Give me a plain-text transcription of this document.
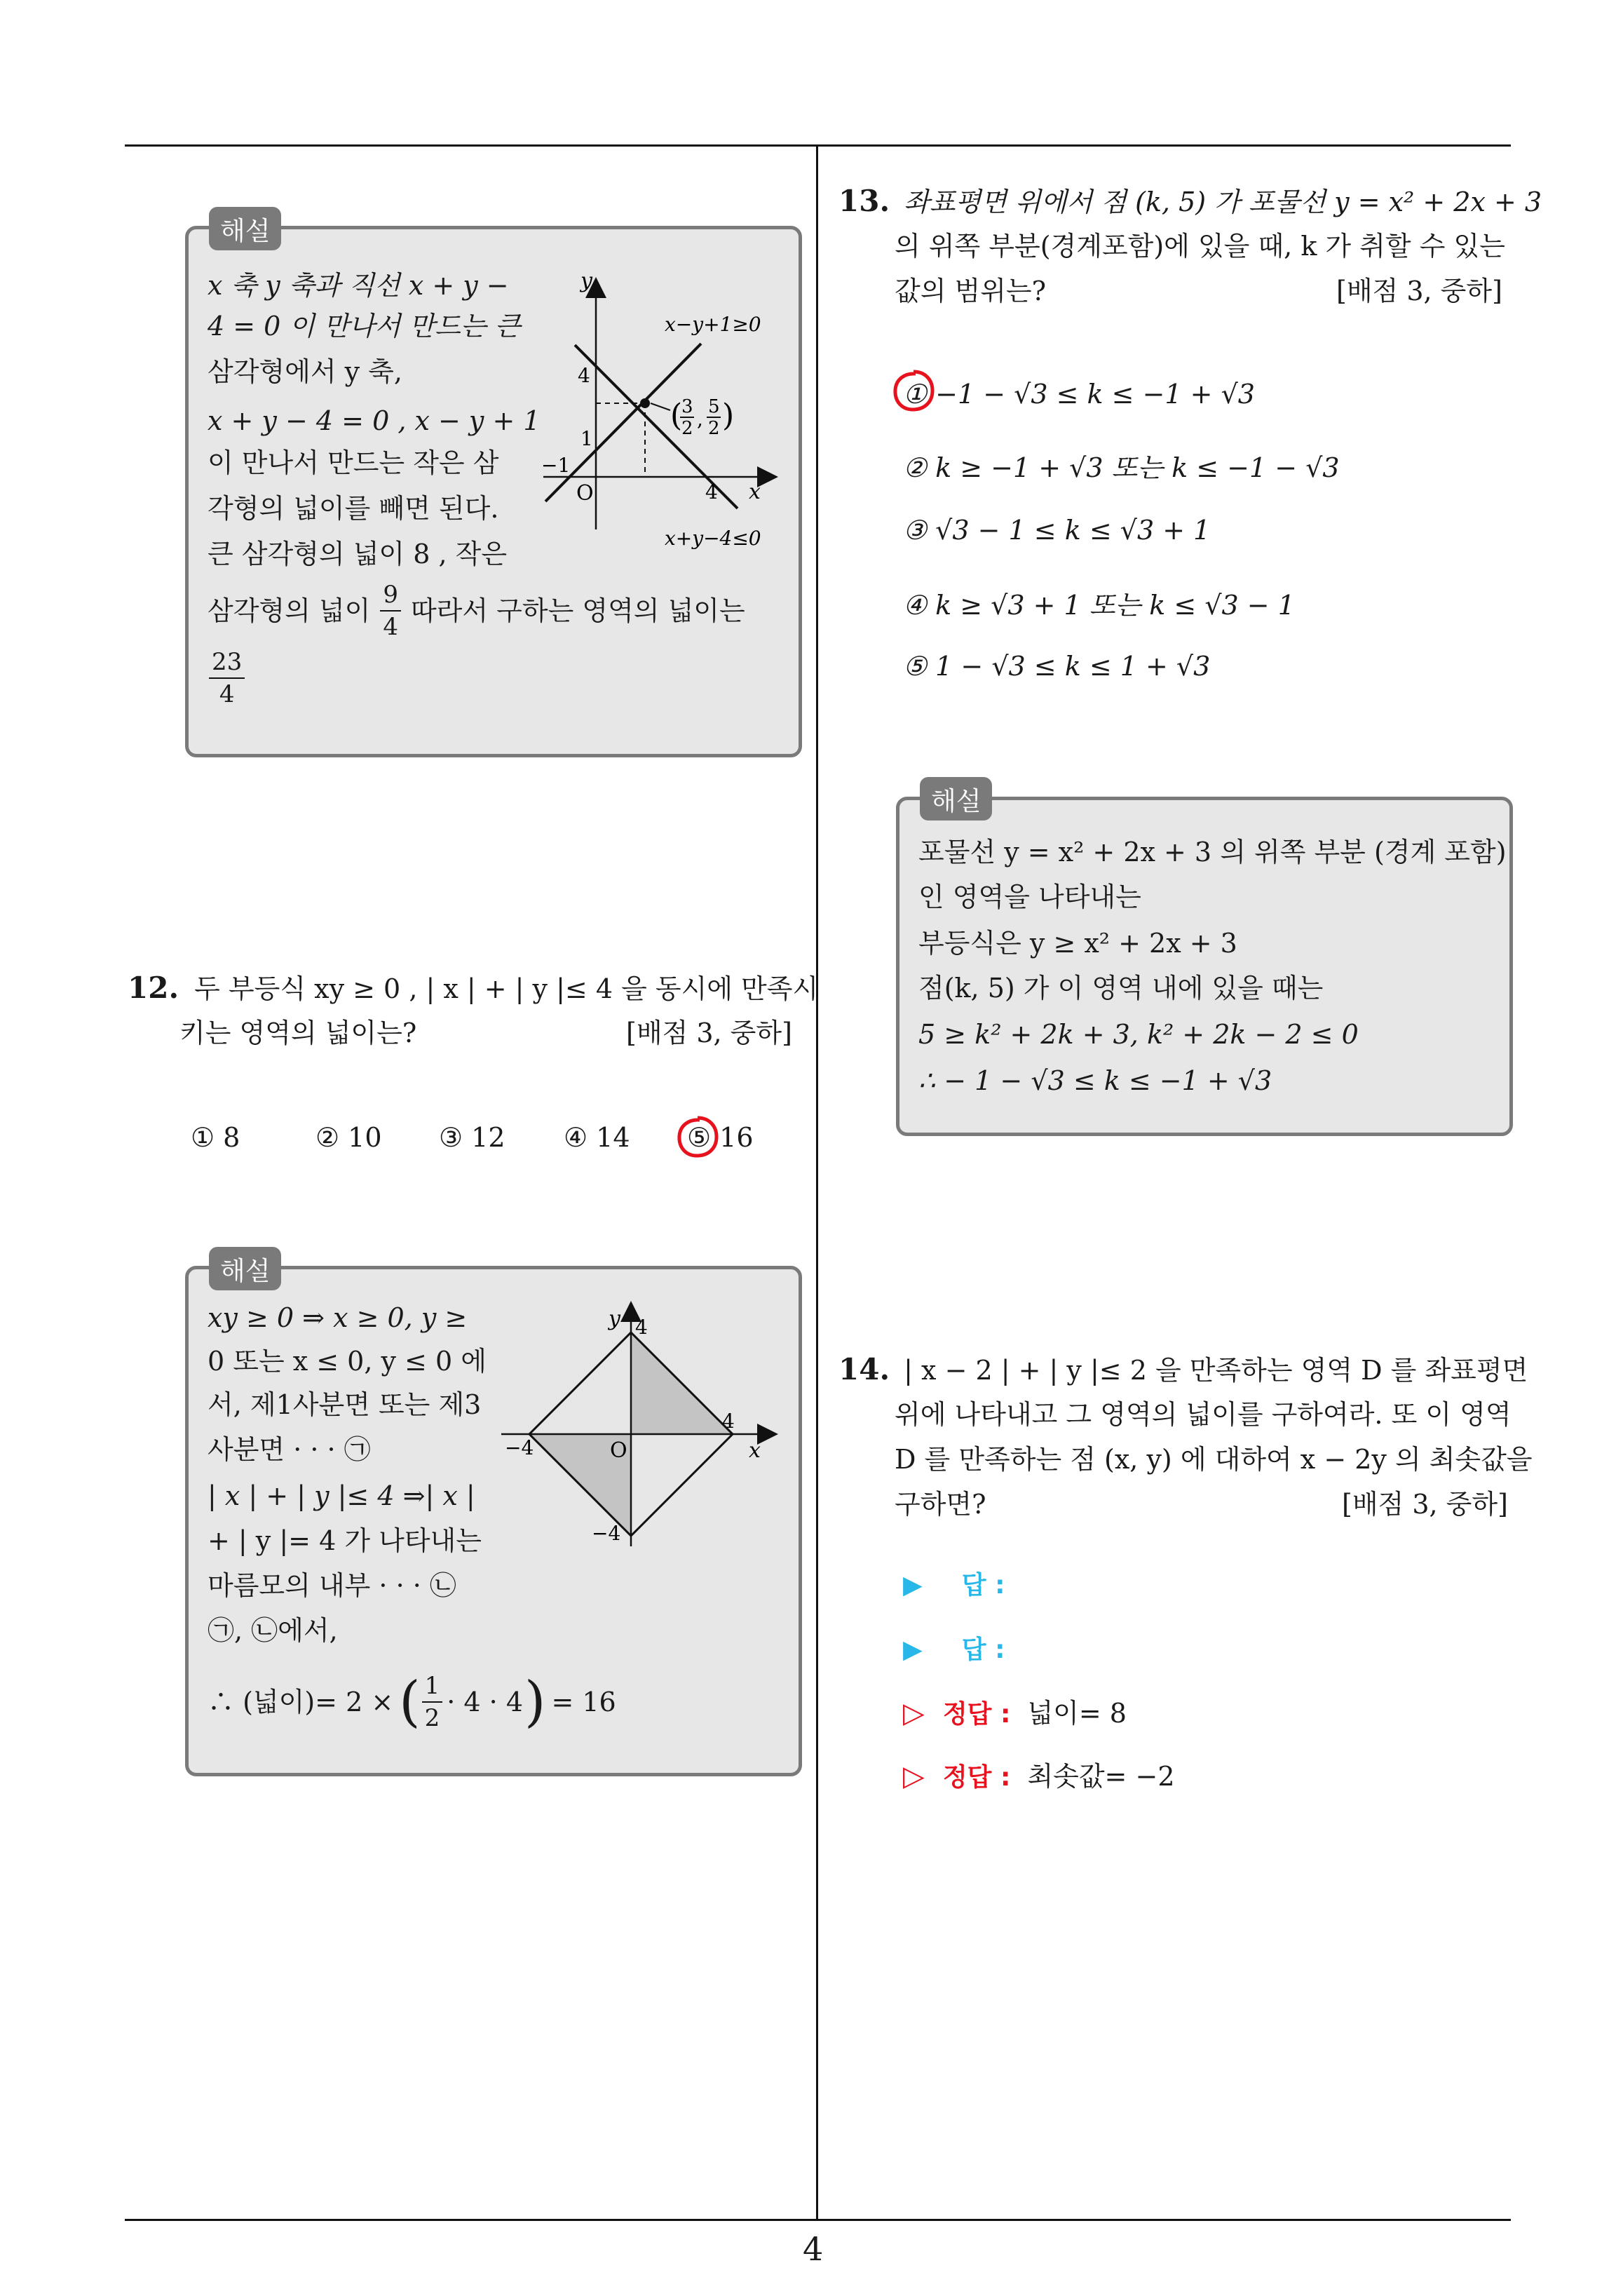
4
해설
x 축 y 축과 직선 x + y −
4 = 0 이 만나서 만드는 큰
삼각형에서 y 축,
x + y − 4 = 0 , x − y + 1
이 만나서 만드는 작은 삼
각형의 넓이를 빼면 된다.
큰 삼각형의 넓이 8 , 작은
삼각형의 넓이 $\frac{9}{4}$ 따라서 구하는 영역의 넓이는
$\frac{23}{4}$
y
x
O
4
1
−1
4
x−y+1≥0
x+y−4≤0
(
3
2 ,
5
2 )
12. 두 부등식 xy ≥ 0 , | x | + | y |≤ 4 을 동시에 만족시
키는 영역의 넓이는?	[배점 3, 중하]
① 8	② 10 ③ 12 ④ 14 ⑤ 16
해설
xy ≥ 0 ⇒ x ≥ 0, y ≥
0 또는 x ≤ 0, y ≤ 0 에
서, 제1사분면 또는 제3
사분면 · · · ㉠
| x | + | y |≤ 4 ⇒| x |
+ | y |= 4 가 나타내는
마름모의 내부 · · · ㉡
㉠, ㉡에서,
∴ (넓이)= 2 × ( $\frac{1}{2} \cdot 4 \cdot 4$ ) = 16
y
x
O
4
4
−4
−4
13. 좌표평면 위에서 점 (k, 5) 가 포물선 y = x² + 2x + 3
의 위쪽 부분(경계포함)에 있을 때, k 가 취할 수 있는
값의 범위는?	[배점 3, 중하]
① −1 − √3 ≤ k ≤ −1 + √3
② k ≥ −1 + √3 또는 k ≤ −1 − √3
③ √3 − 1 ≤ k ≤ √3 + 1
④ k ≥ √3 + 1 또는 k ≤ √3 − 1
⑤ 1 − √3 ≤ k ≤ 1 + √3
해설
포물선 y = x² + 2x + 3 의 위쪽 부분 (경계 포함)
인 영역을 나타내는
부등식은 y ≥ x² + 2x + 3
점(k, 5) 가 이 영역 내에 있을 때는
5 ≥ k² + 2k + 3, k² + 2k − 2 ≤ 0
∴ − 1 − √3 ≤ k ≤ −1 + √3
14. | x − 2 | + | y |≤ 2 을 만족하는 영역 D 를 좌표평면
위에 나타내고 그 영역의 넓이를 구하여라. 또 이 영역
D 를 만족하는 점 (x, y) 에 대하여 x − 2y 의 최솟값을
구하면?	[배점 3, 중하]
▶ 답 :
▶ 답 :
▷ 정답 : 넓이= 8
▷ 정답 : 최솟값= −2
